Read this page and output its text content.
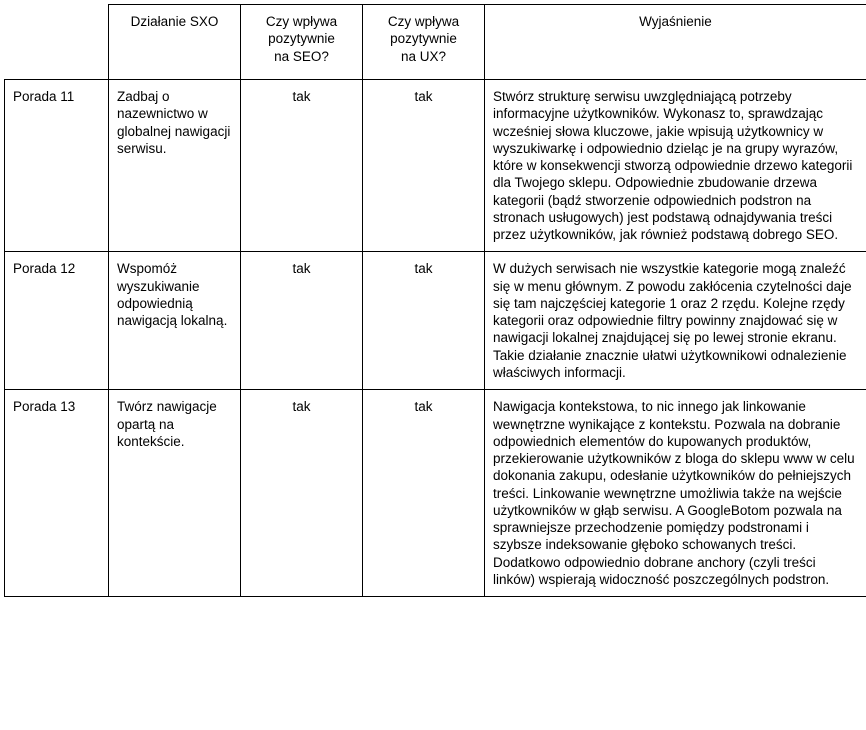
	Działanie SXO	Czy wpływa
pozytywnie
na SEO?	Czy wpływa
pozytywnie
na UX?	Wyjaśnienie
Porada 11	Zadbaj o nazewnictwo w globalnej nawigacji serwisu.	tak	tak	Stwórz strukturę serwisu uwzględniającą potrzeby informacyjne użytkowników. Wykonasz to, sprawdzając wcześniej słowa kluczowe, jakie wpisują użytkownicy w wyszukiwarkę i odpowiednio dzieląc je na grupy wyrazów, które w konsekwencji stworzą odpowiednie drzewo kategorii dla Twojego sklepu. Odpowiednie zbudowanie drzewa kategorii (bądź stworzenie odpowiednich podstron na stronach usługowych) jest podstawą odnajdywania treści przez użytkowników, jak również podstawą dobrego SEO.
Porada 12	Wspomóż wyszukiwanie odpowiednią nawigacją lokalną.	tak	tak	W dużych serwisach nie wszystkie kategorie mogą znaleźć się w menu głównym. Z powodu zakłócenia czytelności daje się tam najczęściej kategorie 1 oraz 2 rzędu. Kolejne rzędy kategorii oraz odpowiednie filtry powinny znajdować się w nawigacji lokalnej znajdującej się po lewej stronie ekranu. Takie działanie znacznie ułatwi użytkownikowi odnalezienie właściwych informacji.
Porada 13	Twórz nawigacje opartą na kontekście.	tak	tak	Nawigacja kontekstowa, to nic innego jak linkowanie wewnętrzne wynikające z kontekstu. Pozwala na dobranie odpowiednich elementów do kupowanych produktów, przekierowanie użytkowników z bloga do sklepu www w celu dokonania zakupu, odesłanie użytkowników do pełniejszych treści. Linkowanie wewnętrzne umożliwia także na wejście użytkowników w głąb serwisu. A GoogleBotom pozwala na sprawniejsze przechodzenie pomiędzy podstronami i szybsze indeksowanie głęboko schowanych treści. Dodatkowo odpowiednio dobrane anchory (czyli treści linków) wspierają widoczność poszczególnych podstron.
